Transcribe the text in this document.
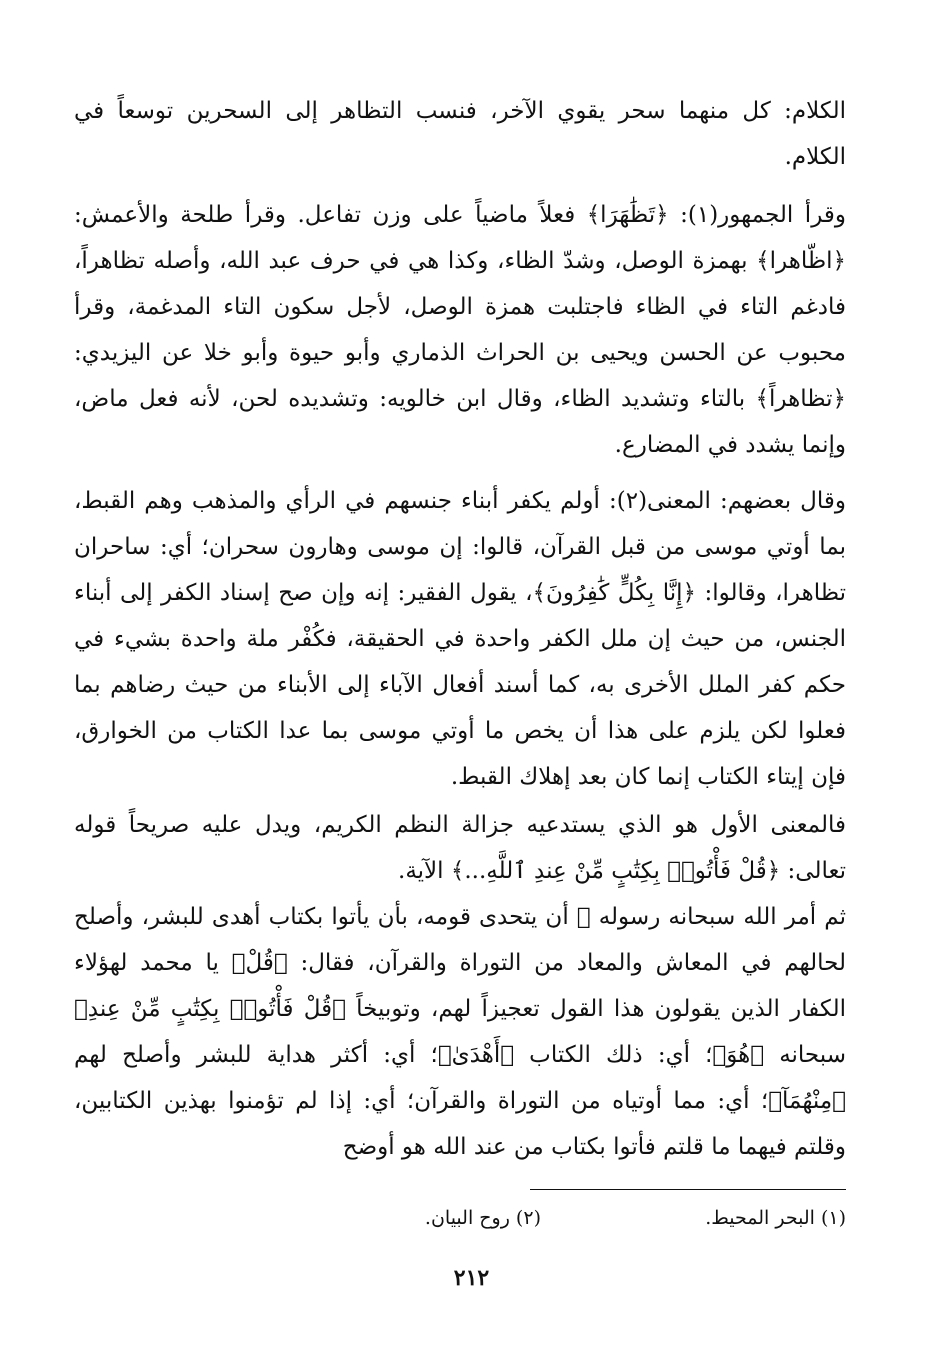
الكلام: كل منهما سحر يقوي الآخر، فنسب التظاهر إلى السحرين توسعاً في الكلام.

وقرأ الجمهور(١): ﴿تَظَٰهَرَا﴾ فعلاً ماضياً على وزن تفاعل. وقرأ طلحة والأعمش: ﴿اظّاهرا﴾ بهمزة الوصل، وشدّ الظاء، وكذا هي في حرف عبد الله، وأصله تظاهراً، فادغم التاء في الظاء فاجتلبت همزة الوصل، لأجل سكون التاء المدغمة، وقرأ محبوب عن الحسن ويحيى بن الحراث الذماري وأبو حيوة وأبو خلا عن اليزيدي: ﴿تظاهراً﴾ بالتاء وتشديد الظاء، وقال ابن خالويه: وتشديده لحن، لأنه فعل ماض، وإنما يشدد في المضارع.

وقال بعضهم: المعنى(٢): أولم يكفر أبناء جنسهم في الرأي والمذهب وهم القبط، بما أوتي موسى من قبل القرآن، قالوا: إن موسى وهارون سحران؛ أي: ساحران تظاهرا، وقالوا: ﴿إِنَّا بِكُلٍّ كَٰفِرُونَ﴾، يقول الفقير: إنه وإن صح إسناد الكفر إلى أبناء الجنس، من حيث إن ملل الكفر واحدة في الحقيقة، فكُفْر ملة واحدة بشيء في حكم كفر الملل الأخرى به، كما أسند أفعال الآباء إلى الأبناء من حيث رضاهم بما فعلوا لكن يلزم على هذا أن يخص ما أوتي موسى بما عدا الكتاب من الخوارق، فإن إيتاء الكتاب إنما كان بعد إهلاك القبط.

فالمعنى الأول هو الذي يستدعيه جزالة النظم الكريم، ويدل عليه صريحاً قوله تعالى: ﴿قُلْ فَأْتُوا۟ بِكِتَٰبٍ مِّنْ عِندِ ٱللَّهِ...﴾ الآية.

ثم أمر الله سبحانه رسوله ﷺ أن يتحدى قومه، بأن يأتوا بكتاب أهدى للبشر، وأصلح لحالهم في المعاش والمعاد من التوراة والقرآن، فقال: ﴿قُلْ﴾ يا محمد لهؤلاء الكفار الذين يقولون هذا القول تعجيزاً لهم، وتوبيخاً ﴿قُلْ فَأْتُوا۟ بِكِتَٰبٍ مِّنْ عِندِ﴾ سبحانه ﴿هُوَ﴾؛ أي: ذلك الكتاب ﴿أَهْدَىٰ﴾؛ أي: أكثر هداية للبشر وأصلح لهم ﴿مِنْهُمَآ﴾؛ أي: مما أوتياه من التوراة والقرآن؛ أي: إذا لم تؤمنوا بهذين الكتابين، وقلتم فيهما ما قلتم فأتوا بكتاب من عند الله هو أوضح

(١) البحر المحيط.
(٢) روح البيان.
٢١٢
